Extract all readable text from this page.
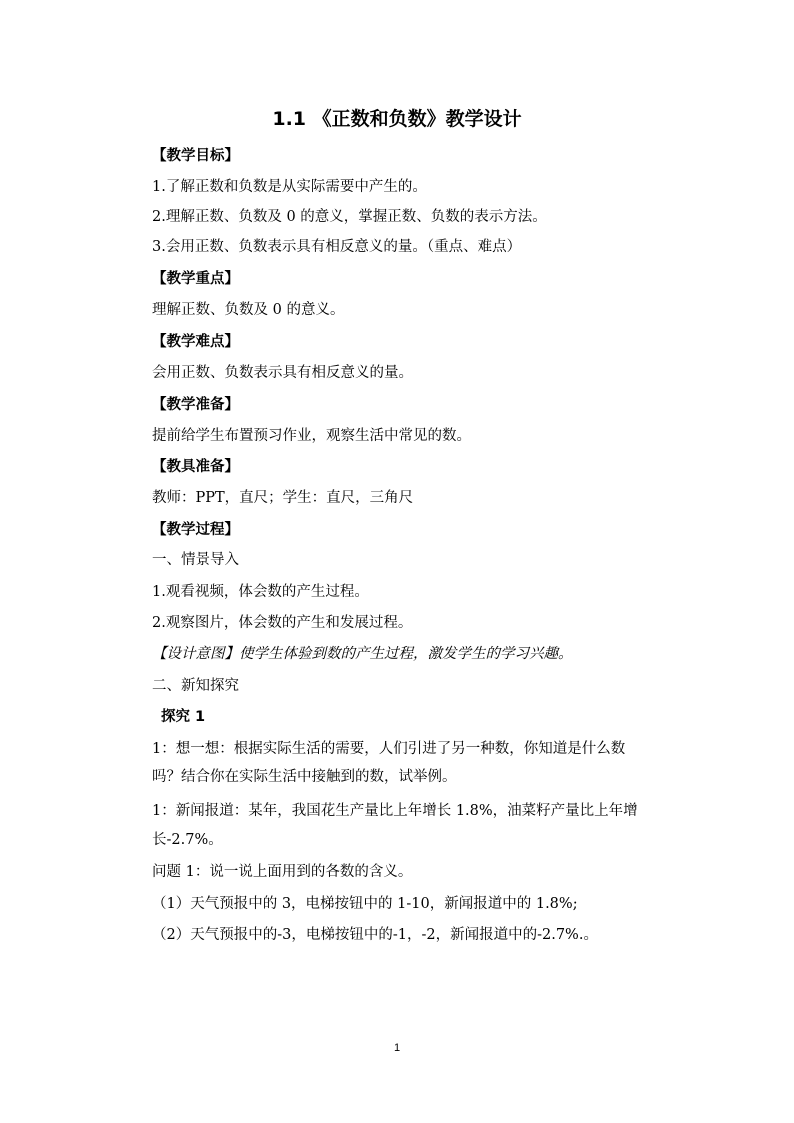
1.1 《正数和负数》教学设计
【教学目标】
1.了解正数和负数是从实际需要中产生的。
2.理解正数、负数及 0 的意义，掌握正数、负数的表示方法。
3.会用正数、负数表示具有相反意义的量。（重点、难点）
【教学重点】
理解正数、负数及 0 的意义。
【教学难点】
会用正数、负数表示具有相反意义的量。
【教学准备】
提前给学生布置预习作业，观察生活中常见的数。
【教具准备】
教师：PPT，直尺；学生：直尺，三角尺
【教学过程】
一、情景导入
1.观看视频，体会数的产生过程。
2.观察图片，体会数的产生和发展过程。
【设计意图】使学生体验到数的产生过程，激发学生的学习兴趣。
二、新知探究
探究 1
1：想一想：根据实际生活的需要，人们引进了另一种数，你知道是什么数
吗？结合你在实际生活中接触到的数，试举例。
1：新闻报道：某年，我国花生产量比上年增长 1.8%，油菜籽产量比上年增
长-2.7%。
问题 1：说一说上面用到的各数的含义。
（1）天气预报中的 3，电梯按钮中的 1-10，新闻报道中的 1.8%;
（2）天气预报中的-3，电梯按钮中的-1，-2，新闻报道中的-2.7%.。
1
